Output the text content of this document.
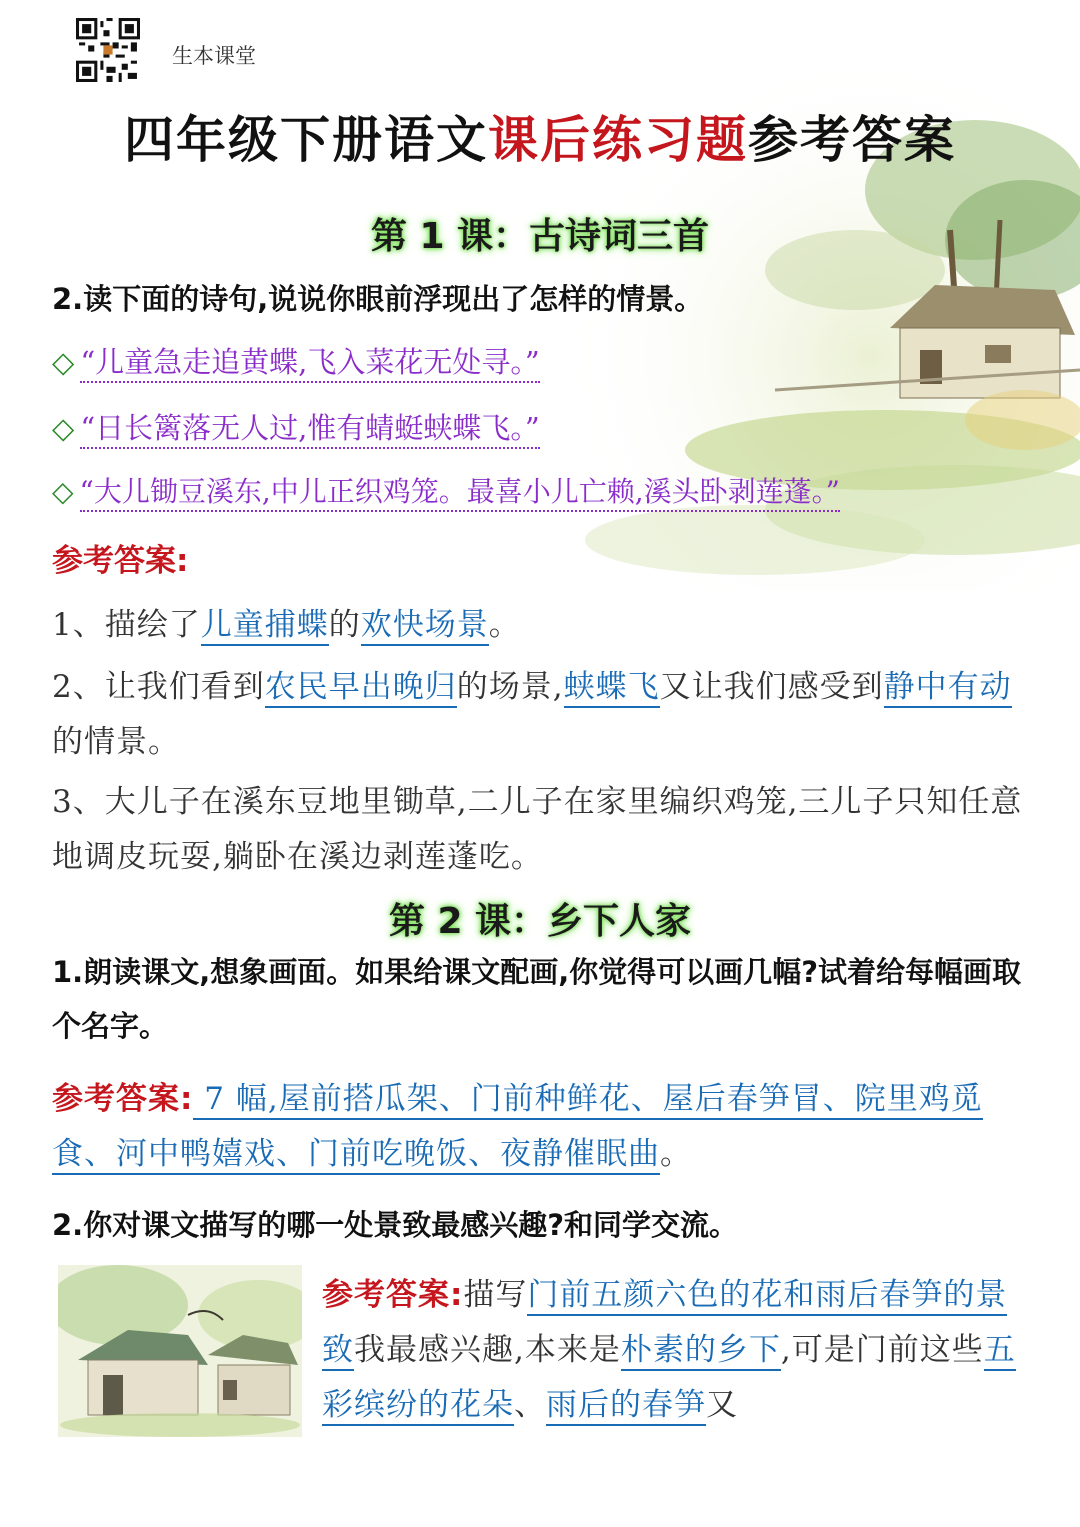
生本课堂
四年级下册语文课后练习题参考答案
第 1 课：古诗词三首
2.读下面的诗句,说说你眼前浮现出了怎样的情景。
◇ “儿童急走追黄蝶,飞入菜花无处寻。”
◇ “日长篱落无人过,惟有蜻蜓蛱蝶飞。”
◇ “大儿锄豆溪东,中儿正织鸡笼。最喜小儿亡赖,溪头卧剥莲蓬。”
参考答案:
1、描绘了儿童捕蝶的欢快场景。
2、让我们看到农民早出晚归的场景,蛱蝶飞又让我们感受到静中有动的情景。
3、大儿子在溪东豆地里锄草,二儿子在家里编织鸡笼,三儿子只知任意地调皮玩耍,躺卧在溪边剥莲蓬吃。
第 2 课：乡下人家
1.朗读课文,想象画面。如果给课文配画,你觉得可以画几幅?试着给每幅画取个名字。
参考答案: 7 幅,屋前搭瓜架、门前种鲜花、屋后春笋冒、院里鸡觅食、河中鸭嬉戏、门前吃晚饭、夜静催眠曲。
2.你对课文描写的哪一处景致最感兴趣?和同学交流。
参考答案:描写门前五颜六色的花和雨后春笋的景致我最感兴趣,本来是朴素的乡下,可是门前这些五彩缤纷的花朵、雨后的春笋又
